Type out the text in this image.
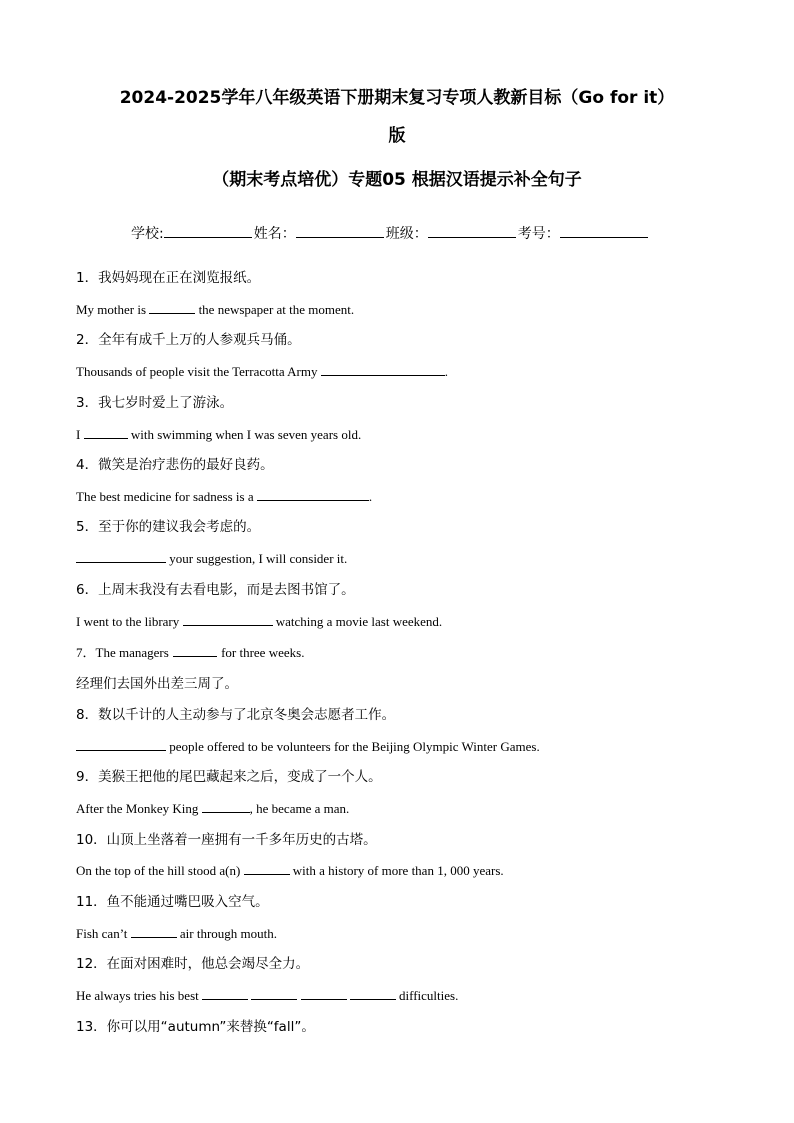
2024-2025学年八年级英语下册期末复习专项人教新目标（Go for it）
版
（期末考点培优）专题05 根据汉语提示补全句子
学校:	姓名：	班级：	考号：
1．我妈妈现在正在浏览报纸。
My mother is	the newspaper at the moment.
2．全年有成千上万的人参观兵马俑。
Thousands of people visit the Terracotta Army	.
3．我七岁时爱上了游泳。
I	with swimming when I was seven years old.
4．微笑是治疗悲伤的最好良药。
The best medicine for sadness is a	.
5．至于你的建议我会考虑的。
your suggestion, I will consider it.
6．上周末我没有去看电影，而是去图书馆了。
I went to the library	watching a movie last weekend.
7．The managers	for three weeks.
经理们去国外出差三周了。
8．数以千计的人主动参与了北京冬奥会志愿者工作。
people offered to be volunteers for the Beijing Olympic Winter Games.
9．美猴王把他的尾巴藏起来之后，变成了一个人。
After the Monkey King	, he became a man.
10．山顶上坐落着一座拥有一千多年历史的古塔。
On the top of the hill stood a(n)	with a history of more than 1, 000 years.
11．鱼不能通过嘴巴吸入空气。
Fish can’t	air through mouth.
12．在面对困难时，他总会竭尽全力。
He always tries his best	difficulties.
13．你可以用“autumn”来替换“fall”。
